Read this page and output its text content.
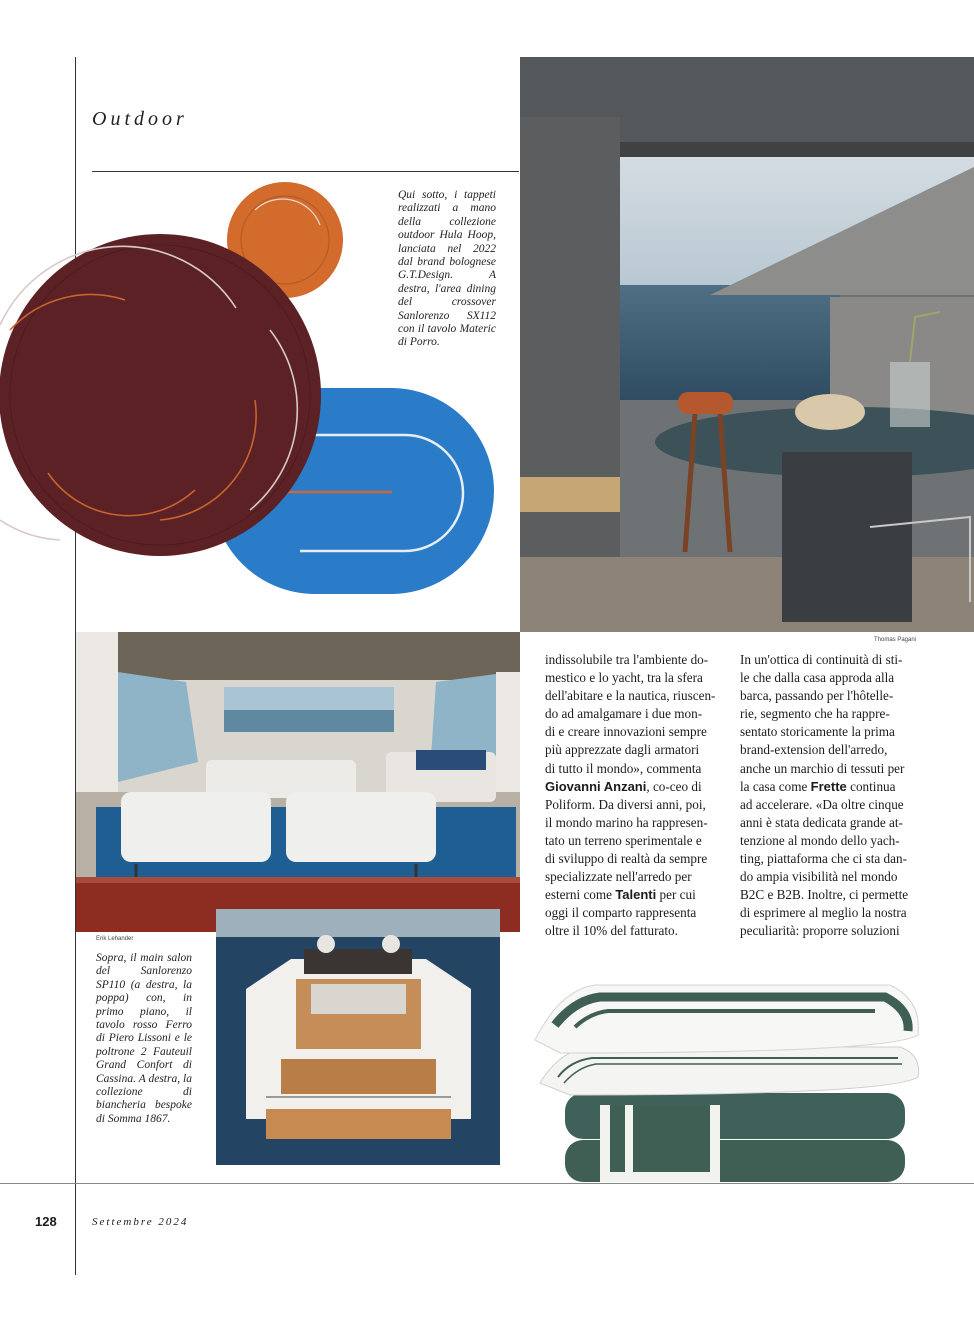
Outdoor
Qui sotto, i tappeti realizzati a mano della collezione outdoor Hula Hoop, lanciata nel 2022 dal brand bolognese G.T.Design. A destra, l'area dining del crossover Sanlorenzo SX112 con il tavolo Materic di Porro.
Thomas Pagani
Erik Lehander
Sopra, il main salon del Sanlorenzo SP110 (a destra, la poppa) con, in primo piano, il tavolo rosso Ferro di Piero Lissoni e le poltrone 2 Fauteuil Grand Confort di Cassina. A destra, la collezione di biancheria bespoke di Somma 1867.
indissolubile tra l'ambiente do-
mestico e lo yacht, tra la sfera
dell'abitare e la nautica, riuscen-
do ad amalgamare i due mon-
di e creare innovazioni sempre
più apprezzate dagli armatori
di tutto il mondo», commenta
Giovanni Anzani, co-ceo di
Poliform. Da diversi anni, poi,
il mondo marino ha rappresen-
tato un terreno sperimentale e
di sviluppo di realtà da sempre
specializzate nell'arredo per
esterni come Talenti per cui
oggi il comparto rappresenta
oltre il 10% del fatturato.
In un'ottica di continuità di sti-
le che dalla casa approda alla
barca, passando per l'hôtelle-
rie, segmento che ha rappre-
sentato storicamente la prima
brand-extension dell'arredo,
anche un marchio di tessuti per
la casa come Frette continua
ad accelerare. «Da oltre cinque
anni è stata dedicata grande at-
tenzione al mondo dello yach-
ting, piattaforma che ci sta dan-
do ampia visibilità nel mondo
B2C e B2B. Inoltre, ci permette
di esprimere al meglio la nostra
peculiarità: proporre soluzioni
128	Settembre 2024
